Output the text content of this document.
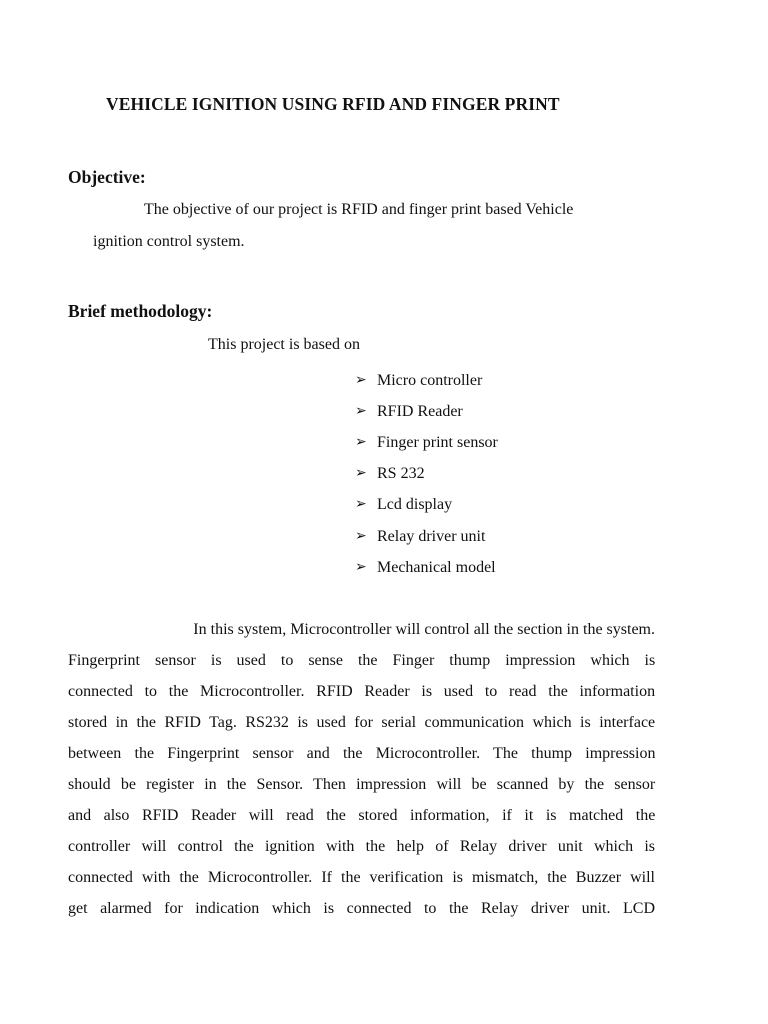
VEHICLE IGNITION USING RFID AND FINGER PRINT
Objective:
The objective of our project is RFID and finger print based Vehicle
ignition control system.
Brief methodology:
This project is based on
➢ Micro controller
➢ RFID Reader
➢ Finger print sensor
➢ RS 232
➢ Lcd display
➢ Relay driver unit
➢ Mechanical model
In this system, Microcontroller will control all the section in the system.
Fingerprint sensor is used to sense the Finger thump impression which is
connected to the Microcontroller. RFID Reader is used to read the information
stored in the RFID Tag. RS232 is used for serial communication which is interface
between the Fingerprint sensor and the Microcontroller. The thump impression
should be register in the Sensor. Then impression will be scanned by the sensor
and also RFID Reader will read the stored information, if it is matched the
controller will control the ignition with the help of Relay driver unit which is
connected with the Microcontroller. If the verification is mismatch, the Buzzer will
get alarmed for indication which is connected to the Relay driver unit. LCD
